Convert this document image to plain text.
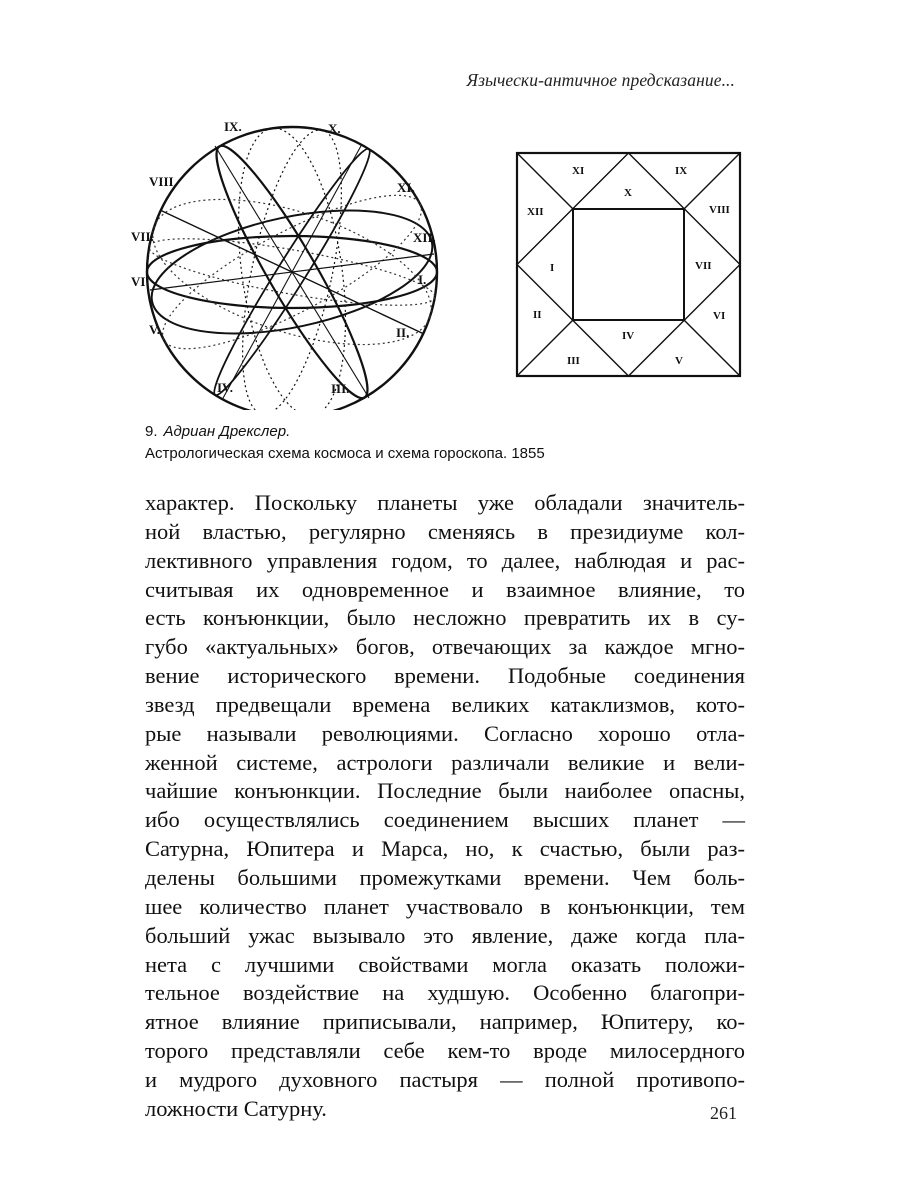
Язычески-античное предсказание...
IX.	X.
VIII	XI.
VII.	XII.
VI	I.
V.	II.
IV.	III.
XI	IX
X
XII	VIII
I	VII
II	VI
IV
III	V
9. Адриан Дрекслер.
Астрологическая схема космоса и схема гороскопа. 1855
характер. Поскольку планеты уже обладали значитель-
ной властью, регулярно сменяясь в президиуме кол-
лективного управления годом, то далее, наблюдая и рас-
считывая их одновременное и взаимное влияние, то
есть конъюнкции, было несложно превратить их в су-
губо «актуальных» богов, отвечающих за каждое мгно-
вение исторического времени. Подобные соединения
звезд предвещали времена великих катаклизмов, кото-
рые называли революциями. Согласно хорошо отла-
женной системе, астрологи различали великие и вели-
чайшие конъюнкции. Последние были наиболее опасны,
ибо осуществлялись соединением высших планет —
Сатурна, Юпитера и Марса, но, к счастью, были раз-
делены большими промежутками времени. Чем боль-
шее количество планет участвовало в конъюнкции, тем
больший ужас вызывало это явление, даже когда пла-
нета с лучшими свойствами могла оказать положи-
тельное воздействие на худшую. Особенно благопри-
ятное влияние приписывали, например, Юпитеру, ко-
торого представляли себе кем-то вроде милосердного
и мудрого духовного пастыря — полной противопо-
ложности Сатурну.	261
